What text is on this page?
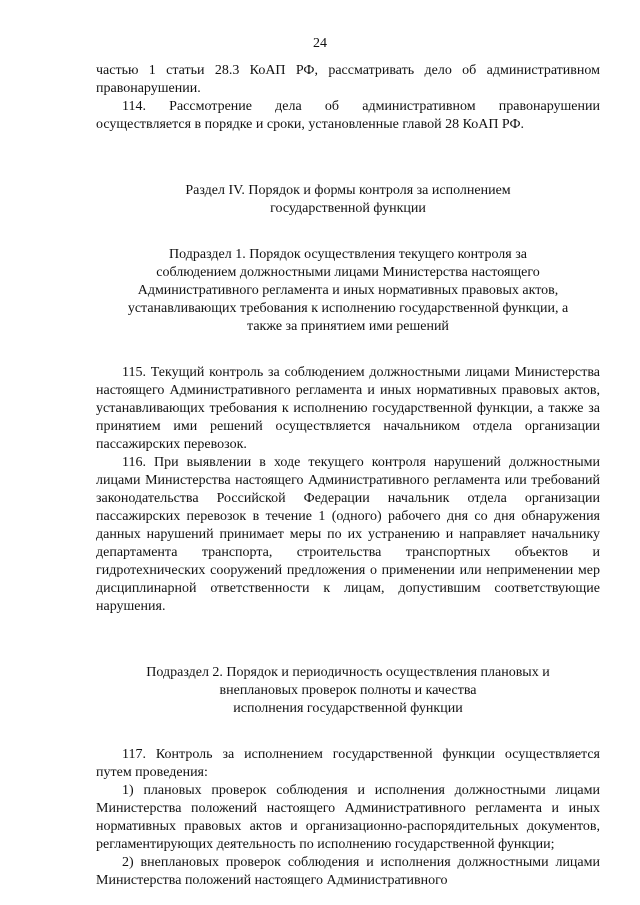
24

частью 1 статьи 28.3 КоАП РФ, рассматривать дело об административном правонарушении.

114. Рассмотрение дела об административном правонарушении осуществляется в порядке и сроки, установленные главой 28 КоАП РФ.

Раздел IV. Порядок и формы контроля за исполнением

государственной функции

Подраздел 1. Порядок осуществления текущего контроля за

соблюдением должностными лицами Министерства настоящего

Административного регламента и иных нормативных правовых актов,

устанавливающих требования к исполнению государственной функции, а

также за принятием ими решений

115. Текущий контроль за соблюдением должностными лицами Министерства настоящего Административного регламента и иных нормативных правовых актов, устанавливающих требования к исполнению государственной функции, а также за принятием ими решений осуществляется начальником отдела организации пассажирских перевозок.

116. При выявлении в ходе текущего контроля нарушений должностными лицами Министерства настоящего Административного регламента или требований законодательства Российской Федерации начальник отдела организации пассажирских перевозок в течение 1 (одного) рабочего дня со дня обнаружения данных нарушений принимает меры по их устранению и направляет начальнику департамента транспорта, строительства транспортных объектов и гидротехнических сооружений предложения о применении или неприменении мер дисциплинарной ответственности к лицам, допустившим соответствующие нарушения.

Подраздел 2. Порядок и периодичность осуществления плановых и

внеплановых проверок полноты и качества

исполнения государственной функции

117. Контроль за исполнением государственной функции осуществляется путем проведения:

1) плановых проверок соблюдения и исполнения должностными лицами Министерства положений настоящего Административного регламента и иных нормативных правовых актов и организационно-распорядительных документов, регламентирующих деятельность по исполнению государственной функции;

2) внеплановых проверок соблюдения и исполнения должностными лицами Министерства положений настоящего Административного
